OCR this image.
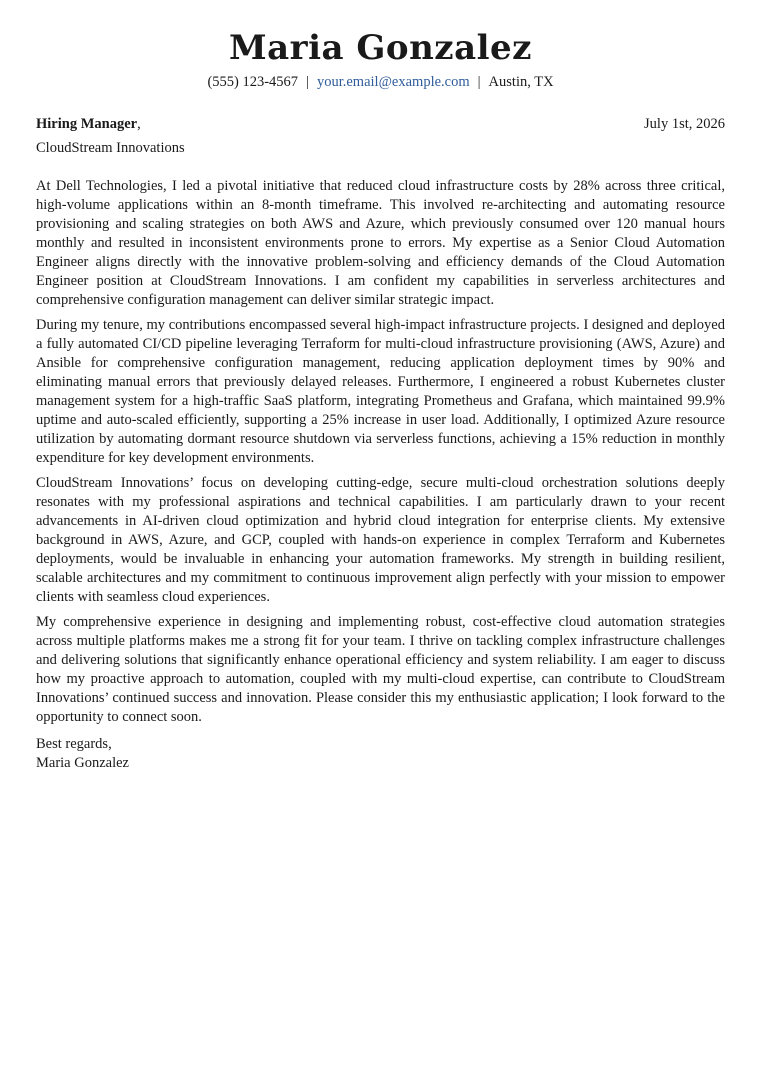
Maria Gonzalez
(555) 123-4567 | your.email@example.com | Austin, TX
Hiring Manager,	July 1st, 2026
CloudStream Innovations

At Dell Technologies, I led a pivotal initiative that reduced cloud infrastructure costs by 28% across three critical, high-volume applications within an 8-month timeframe. This involved re-architecting and automating resource provisioning and scaling strategies on both AWS and Azure, which previously consumed over 120 manual hours monthly and resulted in inconsistent environments prone to errors. My expertise as a Senior Cloud Automation Engineer aligns directly with the innovative problem-solving and efficiency demands of the Cloud Automation Engineer position at CloudStream Innovations. I am confident my capabilities in serverless architectures and comprehensive configuration management can deliver similar strategic impact.

During my tenure, my contributions encompassed several high-impact infrastructure projects. I designed and deployed a fully automated CI/CD pipeline leveraging Terraform for multi-cloud infrastructure provisioning (AWS, Azure) and Ansible for comprehensive configuration management, reducing application deployment times by 90% and eliminating manual errors that previously delayed releases. Furthermore, I engineered a robust Kubernetes cluster management system for a high-traffic SaaS platform, integrating Prometheus and Grafana, which maintained 99.9% uptime and auto-scaled efficiently, supporting a 25% increase in user load. Additionally, I optimized Azure resource utilization by automating dormant resource shutdown via serverless functions, achieving a 15% reduction in monthly expenditure for key development environments.

CloudStream Innovations’ focus on developing cutting-edge, secure multi-cloud orchestration solutions deeply resonates with my professional aspirations and technical capabilities. I am particularly drawn to your recent advancements in AI-driven cloud optimization and hybrid cloud integration for enterprise clients. My extensive background in AWS, Azure, and GCP, coupled with hands-on experience in complex Terraform and Kubernetes deployments, would be invaluable in enhancing your automation frameworks. My strength in building resilient, scalable architectures and my commitment to continuous improvement align perfectly with your mission to empower clients with seamless cloud experiences.

My comprehensive experience in designing and implementing robust, cost-effective cloud automation strategies across multiple platforms makes me a strong fit for your team. I thrive on tackling complex infrastructure challenges and delivering solutions that significantly enhance operational efficiency and system reliability. I am eager to discuss how my proactive approach to automation, coupled with my multi-cloud expertise, can contribute to CloudStream Innovations’ continued success and innovation. Please consider this my enthusiastic application; I look forward to the opportunity to connect soon.

Best regards,
Maria Gonzalez
